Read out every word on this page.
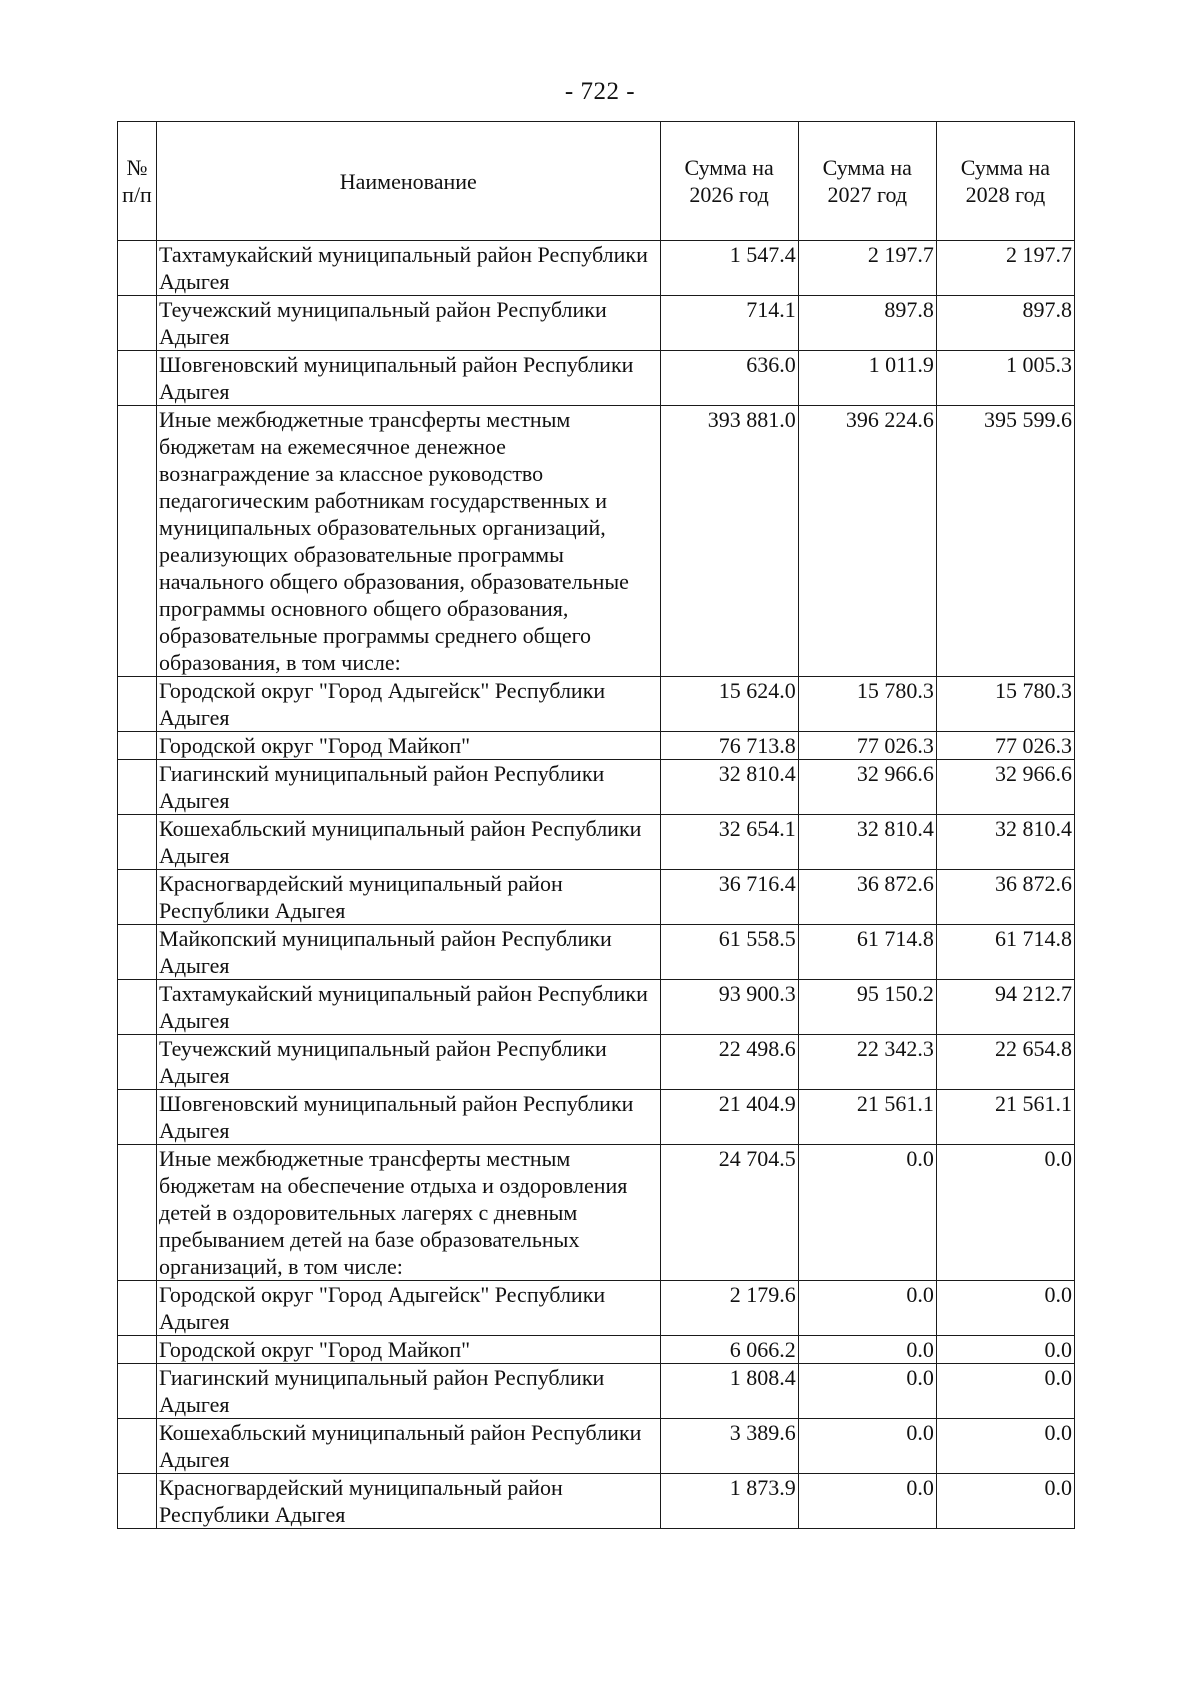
- 722 -
№ п/п	Наименование	Сумма на 2026 год	Сумма на 2027 год	Сумма на 2028 год
	Тахтамукайский муниципальный район Республики Адыгея	1 547.4	2 197.7	2 197.7
	Теучежский муниципальный район Республики Адыгея	714.1	897.8	897.8
	Шовгеновский муниципальный район Республики Адыгея	636.0	1 011.9	1 005.3
	Иные межбюджетные трансферты местным бюджетам на ежемесячное денежное вознаграждение за классное руководство педагогическим работникам государственных и муниципальных образовательных организаций, реализующих образовательные программы начального общего образования, образовательные программы основного общего образования, образовательные программы среднего общего образования, в том числе:	393 881.0	396 224.6	395 599.6
	Городской округ "Город Адыгейск" Республики Адыгея	15 624.0	15 780.3	15 780.3
	Городской округ "Город Майкоп"	76 713.8	77 026.3	77 026.3
	Гиагинский муниципальный район Республики Адыгея	32 810.4	32 966.6	32 966.6
	Кошехабльский муниципальный район Республики Адыгея	32 654.1	32 810.4	32 810.4
	Красногвардейский муниципальный район Республики Адыгея	36 716.4	36 872.6	36 872.6
	Майкопский муниципальный район Республики Адыгея	61 558.5	61 714.8	61 714.8
	Тахтамукайский муниципальный район Республики Адыгея	93 900.3	95 150.2	94 212.7
	Теучежский муниципальный район Республики Адыгея	22 498.6	22 342.3	22 654.8
	Шовгеновский муниципальный район Республики Адыгея	21 404.9	21 561.1	21 561.1
	Иные межбюджетные трансферты местным бюджетам на обеспечение отдыха и оздоровления детей в оздоровительных лагерях с дневным пребыванием детей на базе образовательных организаций, в том числе:	24 704.5	0.0	0.0
	Городской округ "Город Адыгейск" Республики Адыгея	2 179.6	0.0	0.0
	Городской округ "Город Майкоп"	6 066.2	0.0	0.0
	Гиагинский муниципальный район Республики Адыгея	1 808.4	0.0	0.0
	Кошехабльский муниципальный район Республики Адыгея	3 389.6	0.0	0.0
	Красногвардейский муниципальный район Республики Адыгея	1 873.9	0.0	0.0
